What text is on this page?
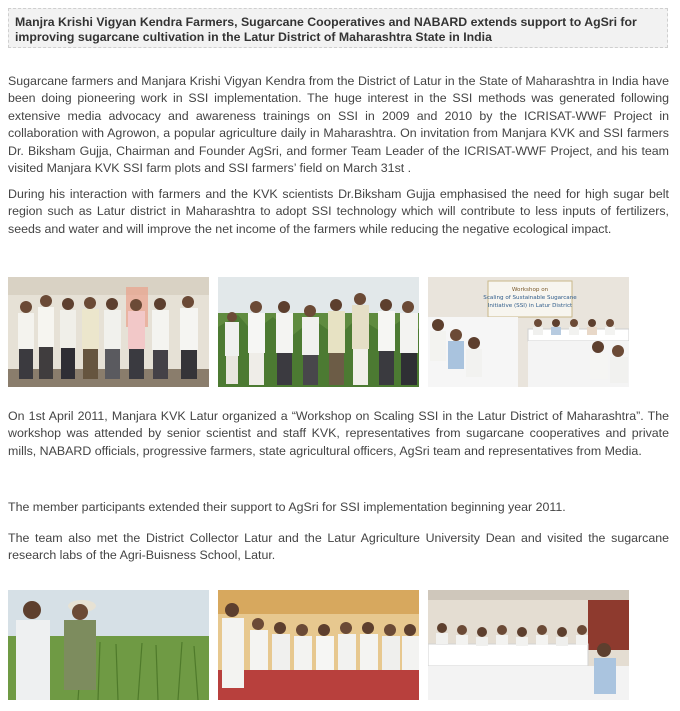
Manjra Krishi Vigyan Kendra Farmers, Sugarcane Cooperatives and NABARD extends support to AgSri for improving sugarcane cultivation in the Latur District of Maharashtra State in India

Sugarcane farmers and Manjara Krishi Vigyan Kendra from the District of Latur in the State of Maharashtra in India have been doing pioneering work in SSI implementation. The huge interest in the SSI methods was generated following extensive media advocacy and awareness trainings on SSI in 2009 and 2010 by the ICRISAT-WWF Project in collaboration with Agrowon, a popular agriculture daily in Maharashtra. On invitation from Manjara KVK and SSI farmers Dr. Biksham Gujja, Chairman and Founder AgSri, and former Team Leader of the ICRISAT-WWF Project, and his team visited Manjara KVK SSI farm plots and SSI farmers’ field on March 31st .

During his interaction with farmers and the KVK scientists Dr.Biksham Gujja emphasised the need for high sugar belt region such as Latur district in Maharashtra to adopt SSI technology which will contribute to less inputs of fertilizers, seeds and water and will improve the net income of the farmers while reducing the negative ecological impact.

Workshop on
Scaling of Sustainable Sugarcane
Initiative (SSI) in Latur District

On 1st April 2011, Manjara KVK Latur organized a “Workshop on Scaling SSI in the Latur District of Maharashtra”. The workshop was attended by senior scientist and staff KVK, representatives from sugarcane cooperatives and private mills, NABARD officials, progressive farmers, state agricultural officers, AgSri team and representatives from Media.

The member participants extended their support to AgSri for SSI implementation beginning year 2011.

The team also met the District Collector Latur and the Latur Agriculture University Dean and visited the sugarcane research labs of the Agri-Buisness School, Latur.
